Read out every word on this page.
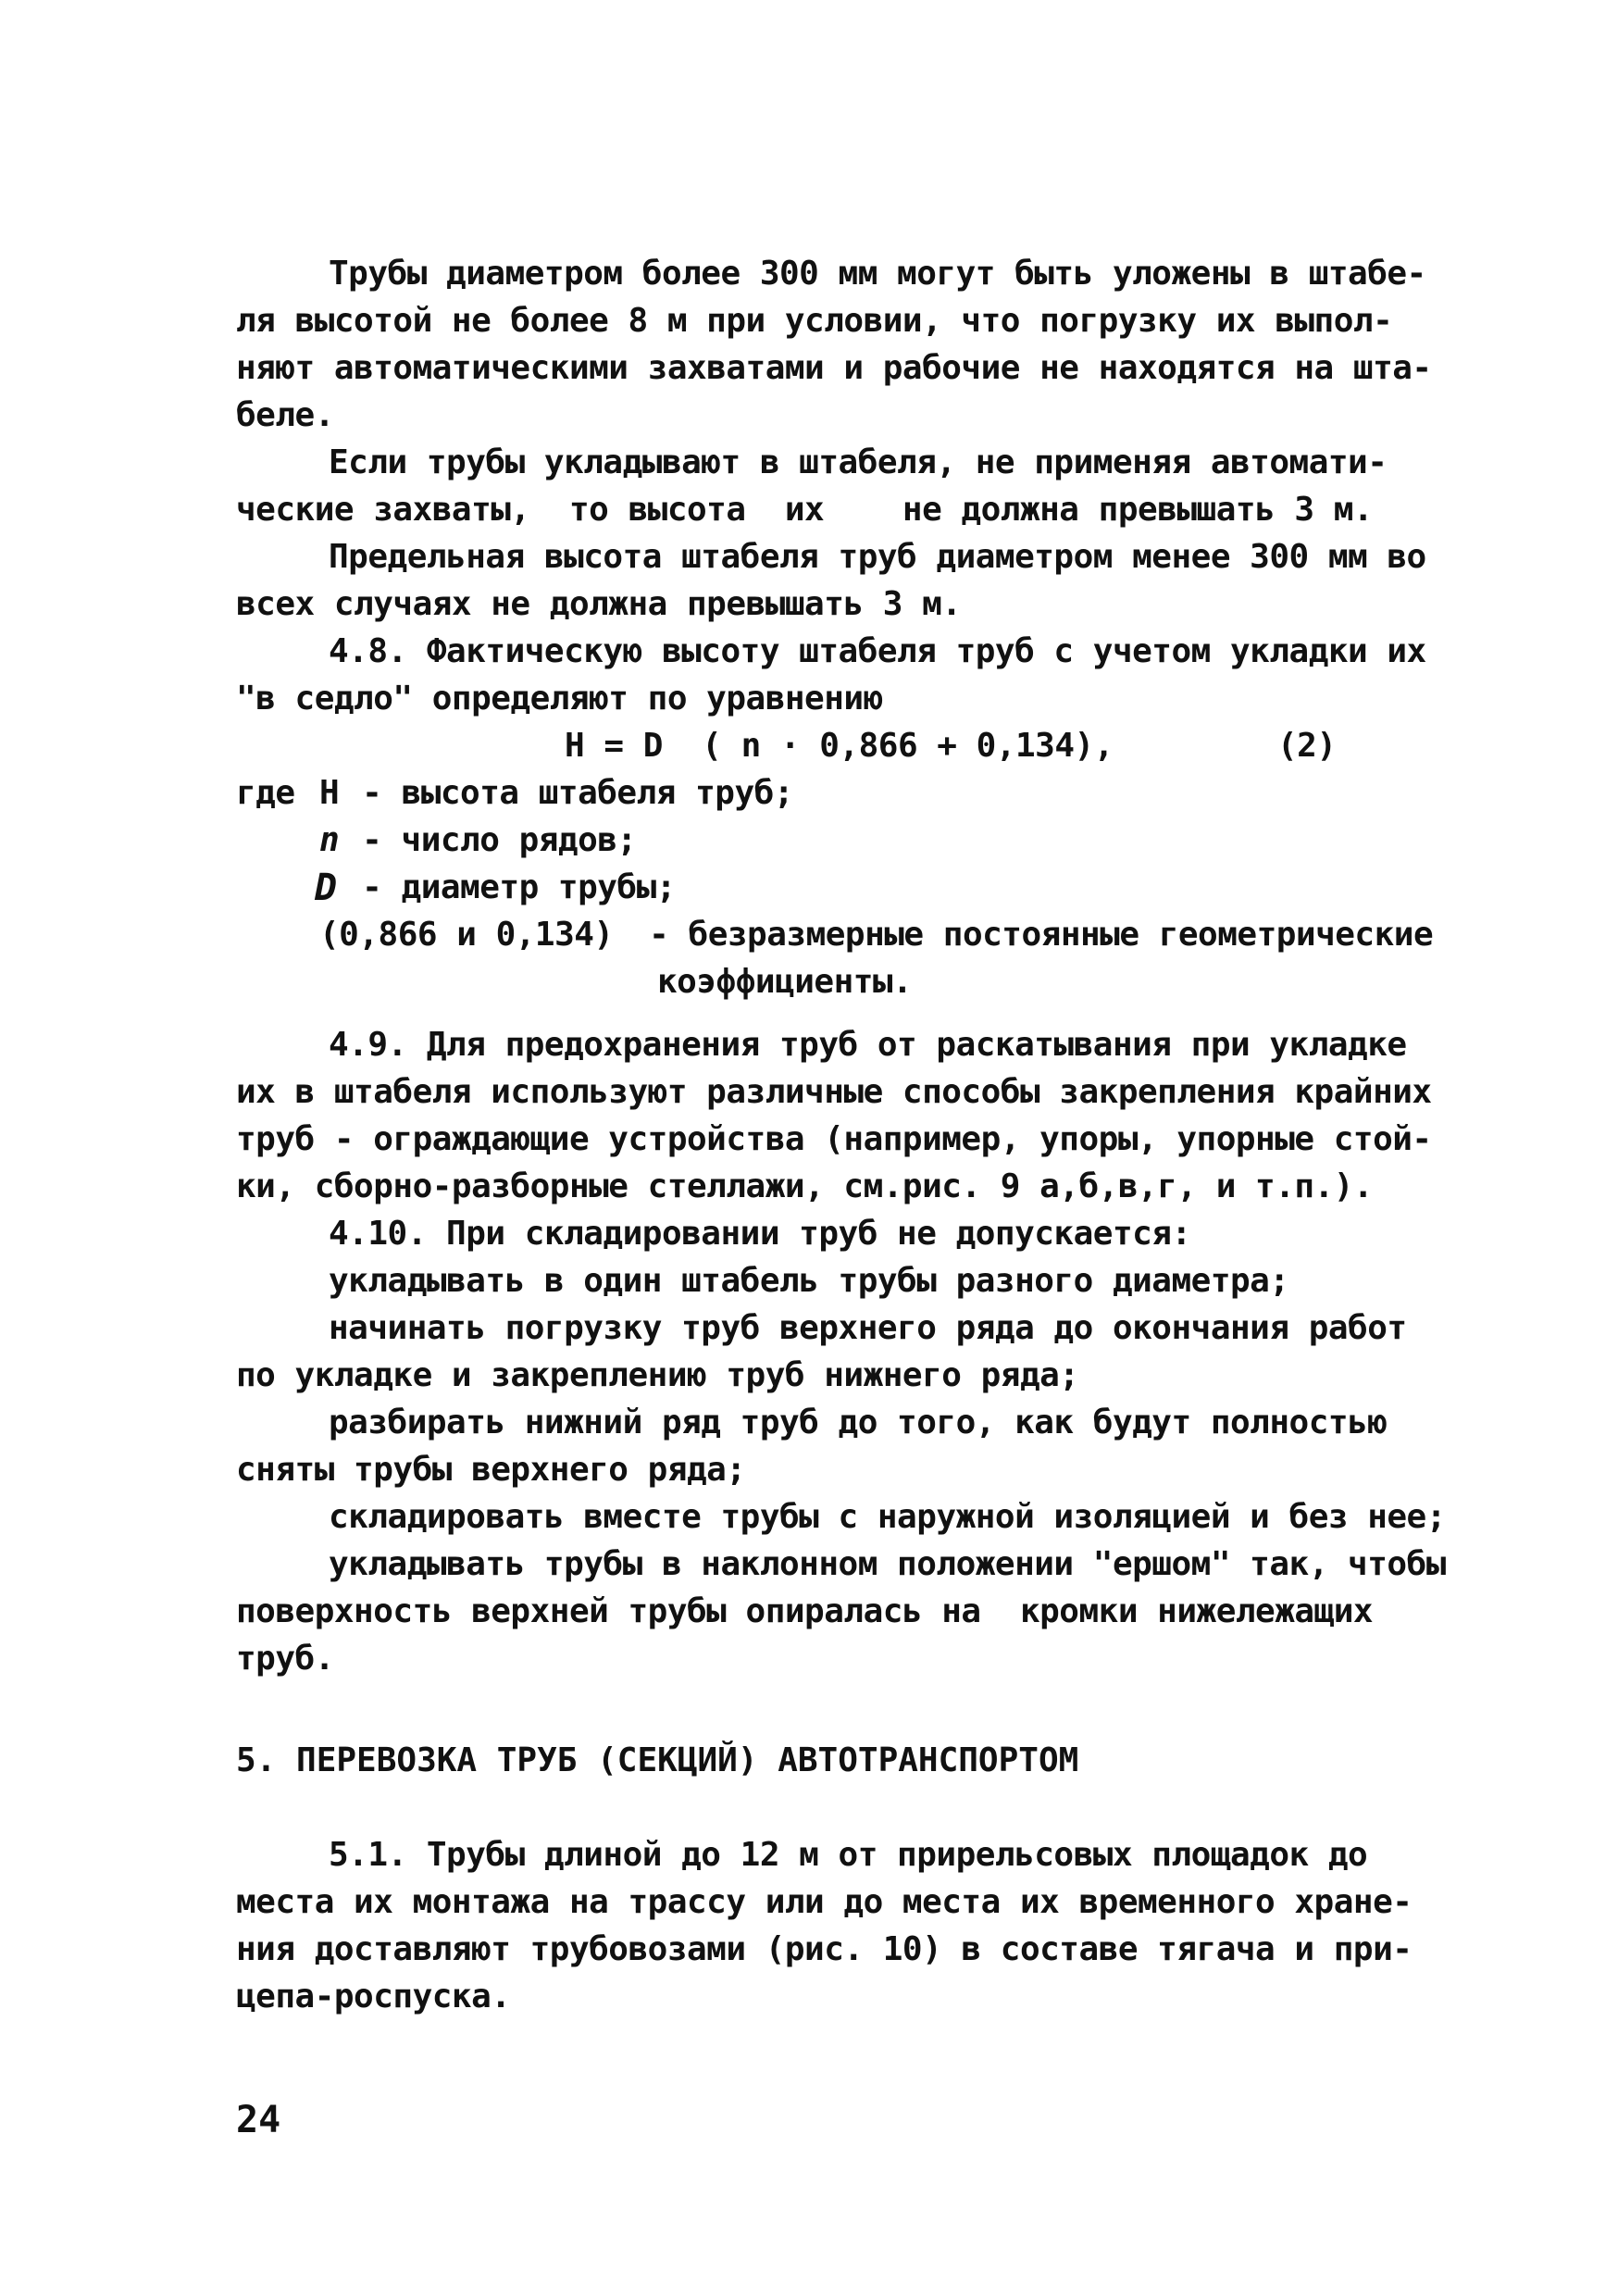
Трубы диаметром более 300 мм могут быть уложены в штабе-
ля высотой не более 8 м при условии, что погрузку их выпол-
няют автоматическими захватами и рабочие не находятся на шта-
беле.
Если трубы укладывают в штабеля, не применяя автомати-
ческие захваты,  то высота  их    не должна превышать 3 м.
Предельная высота штабеля труб диаметром менее 300 мм во
всех случаях не должна превышать 3 м.
4.8. Фактическую высоту штабеля труб с учетом укладки их
"в седло" определяют по уравнению
Н = D  ( n · 0,866 + 0,134),	(2)
где Н - высота штабеля труб;
n - число рядов;
D - диаметр трубы;
(0,866 и 0,134) - безразмерные постоянные геометрические
коэффициенты.
4.9. Для предохранения труб от раскатывания при укладке
их в штабеля используют различные способы закрепления крайних
труб - ограждающие устройства (например, упоры, упорные стой-
ки, сборно-разборные стеллажи, см.рис. 9 а,б,в,г, и т.п.).
4.10. При складировании труб не допускается:
укладывать в один штабель трубы разного диаметра;
начинать погрузку труб верхнего ряда до окончания работ
по укладке и закреплению труб нижнего ряда;
разбирать нижний ряд труб до того, как будут полностью
сняты трубы верхнего ряда;
складировать вместе трубы с наружной изоляцией и без нее;
укладывать трубы в наклонном положении "ершом" так, чтобы
поверхность верхней трубы опиралась на  кромки нижележащих
труб.
5. ПЕРЕВОЗКА ТРУБ (СЕКЦИЙ) АВТОТРАНСПОРТОМ
5.1. Трубы длиной до 12 м от прирельсовых площадок до
места их монтажа на трассу или до места их временного хране-
ния доставляют трубовозами (рис. 10) в составе тягача и при-
цепа-роспуска.
24
